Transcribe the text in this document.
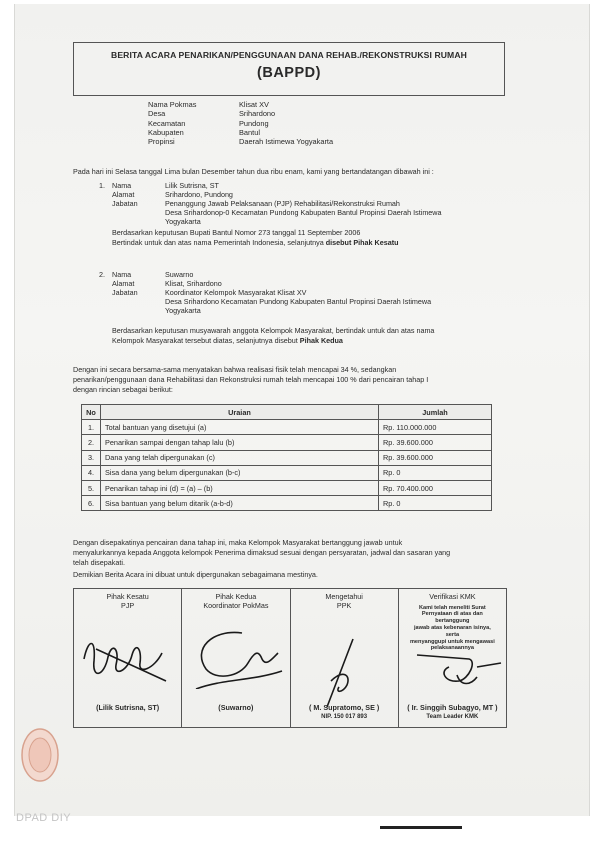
BERITA ACARA PENARIKAN/PENGGUNAAN DANA REHAB./REKONSTRUKSI RUMAH
(BAPPD)
Nama Pokmas	Klisat XV
Desa	Srihardono
Kecamatan	Pundong
Kabupaten	Bantul
Propinsi	Daerah Istimewa Yogyakarta
Pada hari ini Selasa tanggal Lima bulan Desember tahun dua ribu enam, kami yang bertandatangan dibawah ini :
1. Nama	Lilik Sutrisna, ST
Alamat	Srihardono, Pundong
Jabatan	Penanggung Jawab Pelaksanaan (PJP) Rehabilitasi/Rekonstruksi Rumah
Desa Srihardonop-0 Kecamatan Pundong Kabupaten Bantul Propinsi Daerah Istimewa
Yogyakarta
Berdasarkan keputusan Bupati Bantul Nomor 273 tanggal 11 September 2006
Bertindak untuk dan atas nama Pemerintah Indonesia, selanjutnya disebut Pihak Kesatu
2. Nama	Suwarno
Alamat	Klisat, Srihardono
Jabatan	Koordinator Kelompok Masyarakat Klisat XV
Desa Srihardono Kecamatan Pundong Kabupaten Bantul Propinsi Daerah Istimewa
Yogyakarta
Berdasarkan keputusan musyawarah anggota Kelompok Masyarakat, bertindak untuk dan atas nama
Kelompok Masyarakat tersebut diatas, selanjutnya disebut Pihak Kedua
Dengan ini secara bersama-sama menyatakan bahwa realisasi fisik telah mencapai 34 %, sedangkan
penarikan/penggunaan dana Rehabilitasi dan Rekonstruksi rumah telah mencapai 100 % dari pencairan tahap I
dengan rincian sebagai berikut:
No	Uraian	Jumlah
1.	Total bantuan yang disetujui (a)	Rp. 110.000.000
2.	Penarikan sampai dengan tahap lalu (b)	Rp. 39.600.000
3.	Dana yang telah dipergunakan (c)	Rp. 39.600.000
4.	Sisa dana yang belum dipergunakan (b-c)	Rp. 0
5.	Penarikan tahap ini (d) = (a) – (b)	Rp. 70.400.000
6.	Sisa bantuan yang belum ditarik (a-b-d)	Rp. 0
Dengan disepakatinya pencairan dana tahap ini, maka Kelompok Masyarakat bertanggung jawab untuk
menyalurkannya kepada Anggota kelompok Penerima dimaksud sesuai dengan persyaratan, jadwal dan sasaran yang
telah disepakati.
Demikian Berita Acara ini dibuat untuk dipergunakan sebagaimana mestinya.
Pihak Kesatu
PJP
(Lilik Sutrisna, ST)
Pihak Kedua
Koordinator PokMas
(Suwarno)
Mengetahui
PPK
( M. Supratomo, SE )
NIP. 150 017 893
Verifikasi KMK
Kami telah meneliti Surat
Pernyataan di atas dan bertanggung
jawab atas kebenaran isinya, serta
menyanggupi untuk mengawasi
pelaksanaannya
( Ir. Singgih Subagyo, MT )
Team Leader KMK
DPAD DIY
